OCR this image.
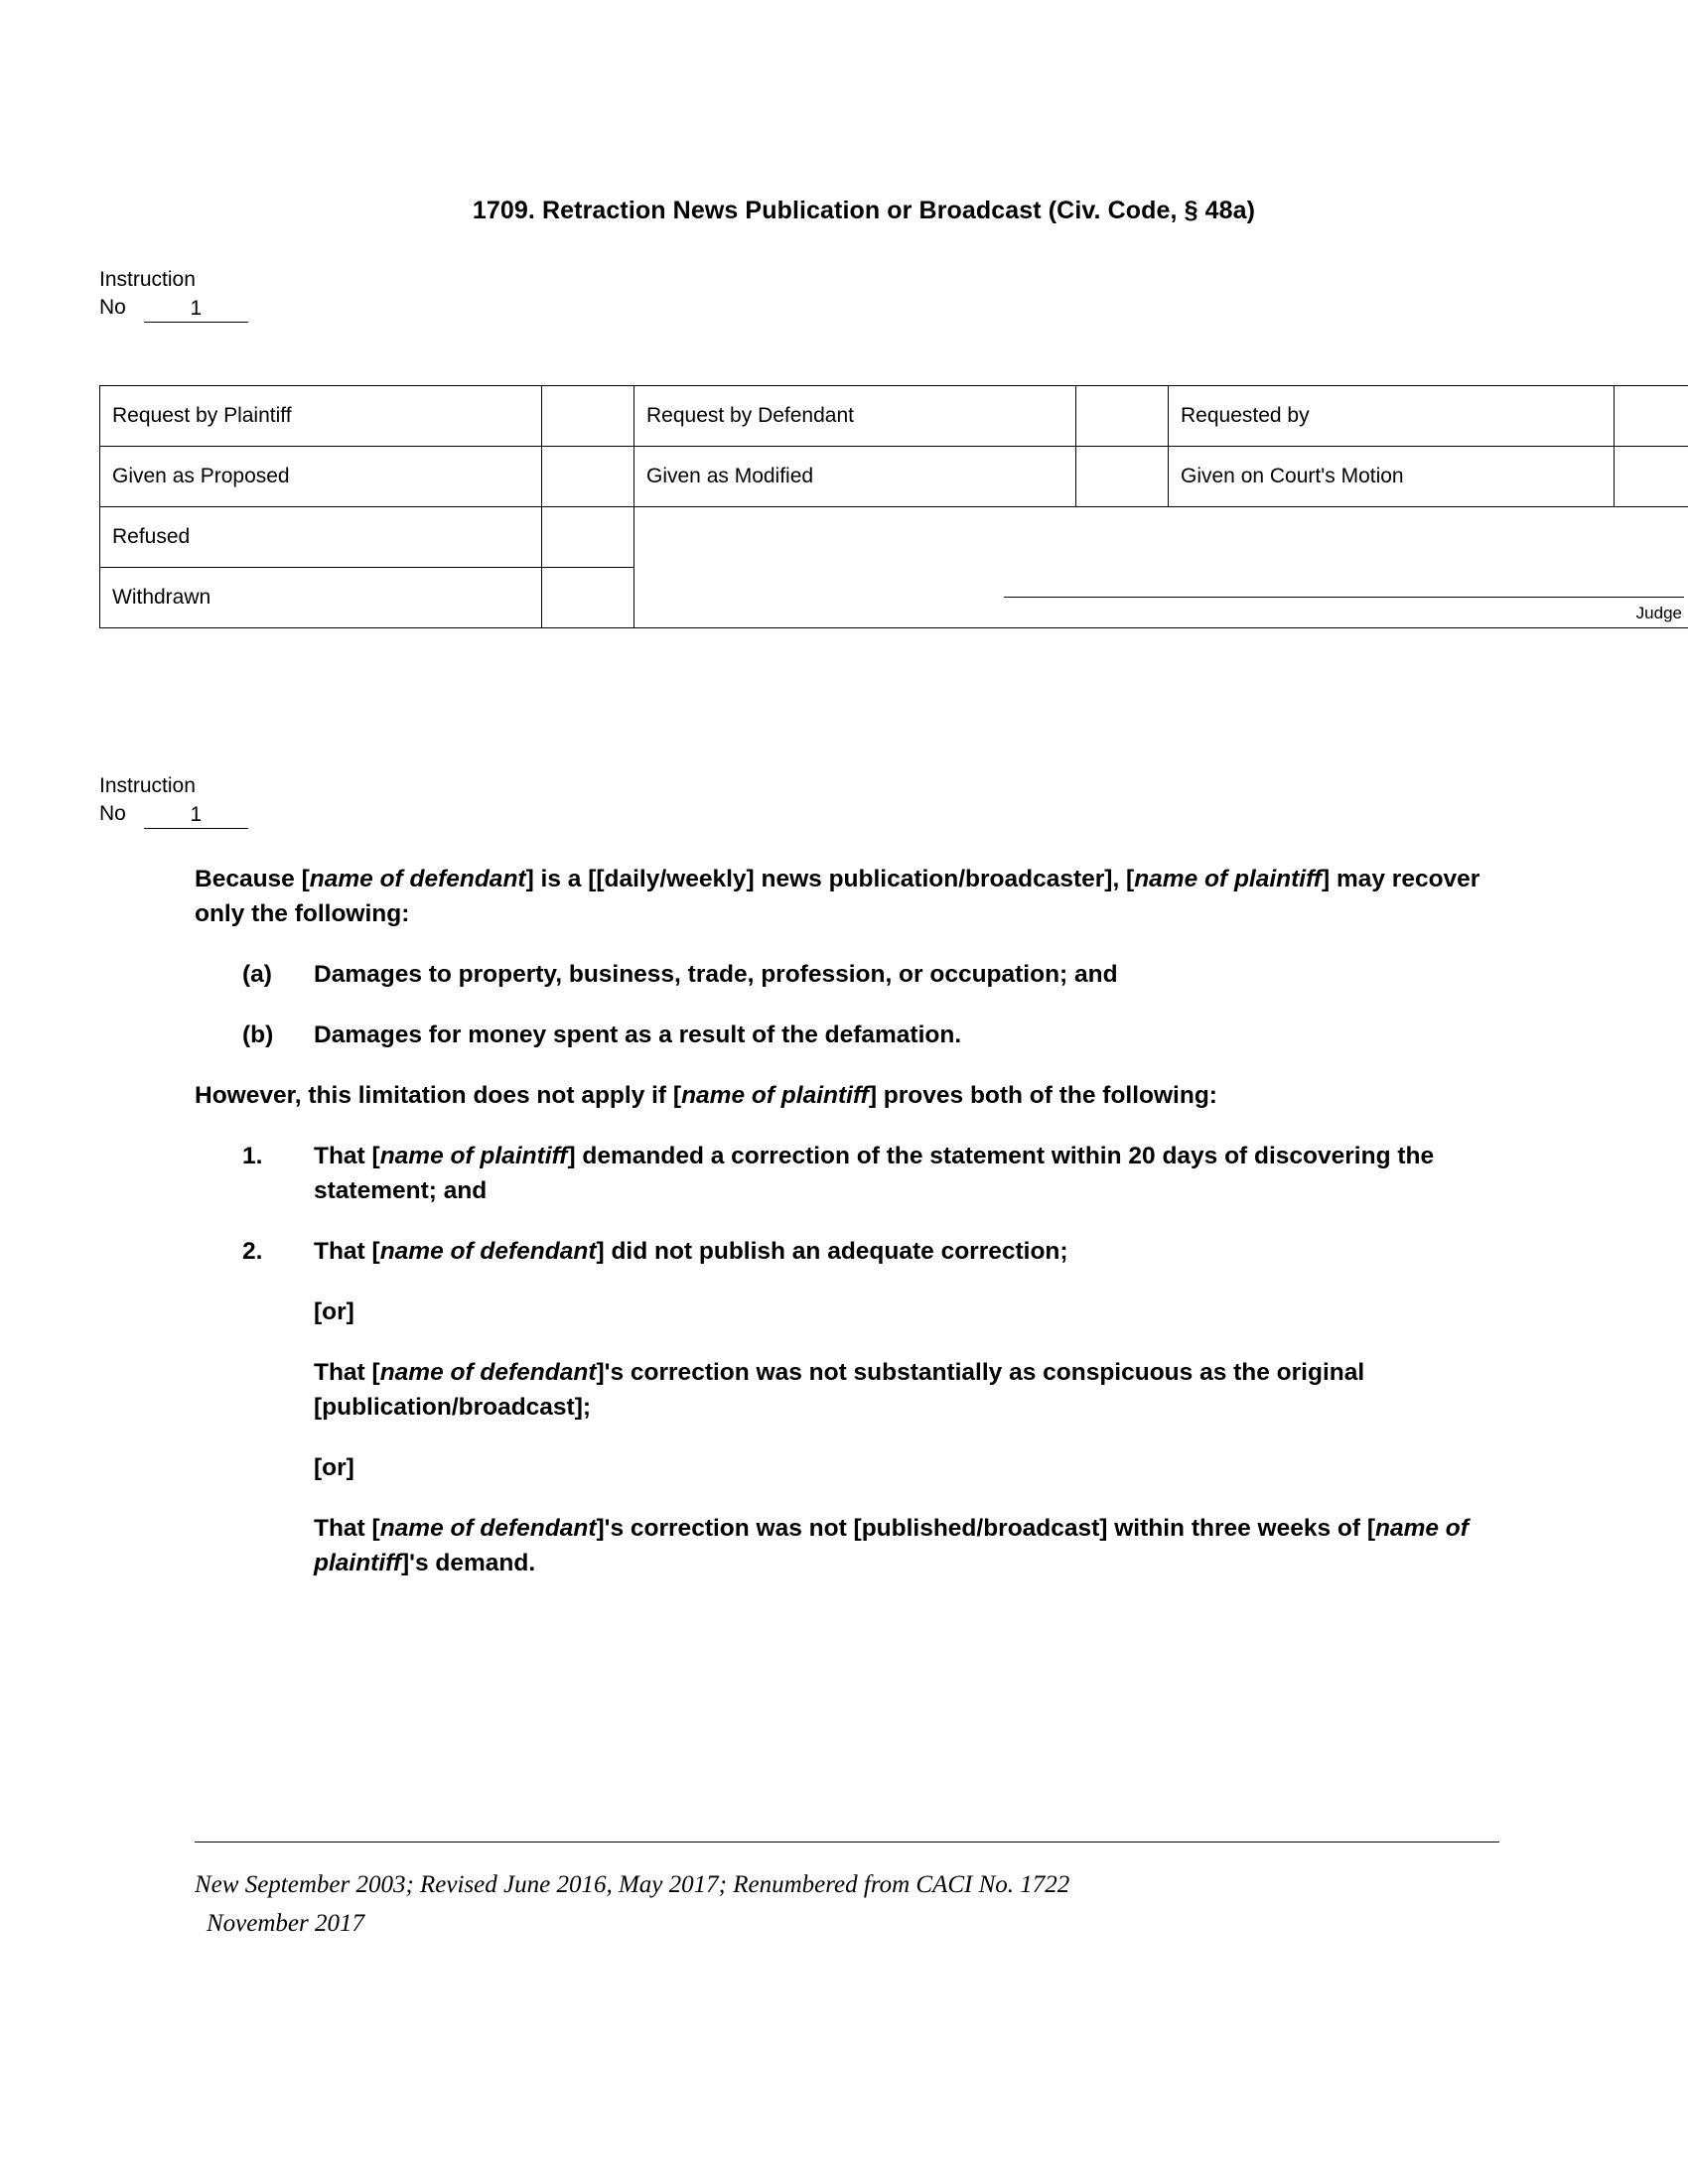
1709. Retraction News Publication or Broadcast (Civ. Code, § 48a)
Instruction
No	1
Request by Plaintiff		Request by Defendant		Requested by	
Given as Proposed		Given as Modified		Given on Court's Motion	
Refused		Judge			

Withdrawn					
Instruction
No	1

Because [name of defendant] is a [[daily/weekly] news publication/broadcaster], [name of plaintiff] may recover only the following:

(a)	Damages to property, business, trade, profession, or occupation; and
(b)	Damages for money spent as a result of the defamation.

However, this limitation does not apply if [name of plaintiff] proves both of the following:

1.	That [name of plaintiff] demanded a correction of the statement within 20 days of discovering the statement; and
2.	That [name of defendant] did not publish an adequate correction;
[or]
That [name of defendant]'s correction was not substantially as conspicuous as the original [publication/broadcast];
[or]
That [name of defendant]'s correction was not [published/broadcast] within three weeks of [name of plaintiff]'s demand.
New September 2003; Revised June 2016, May 2017; Renumbered from CACI No. 1722
November 2017
